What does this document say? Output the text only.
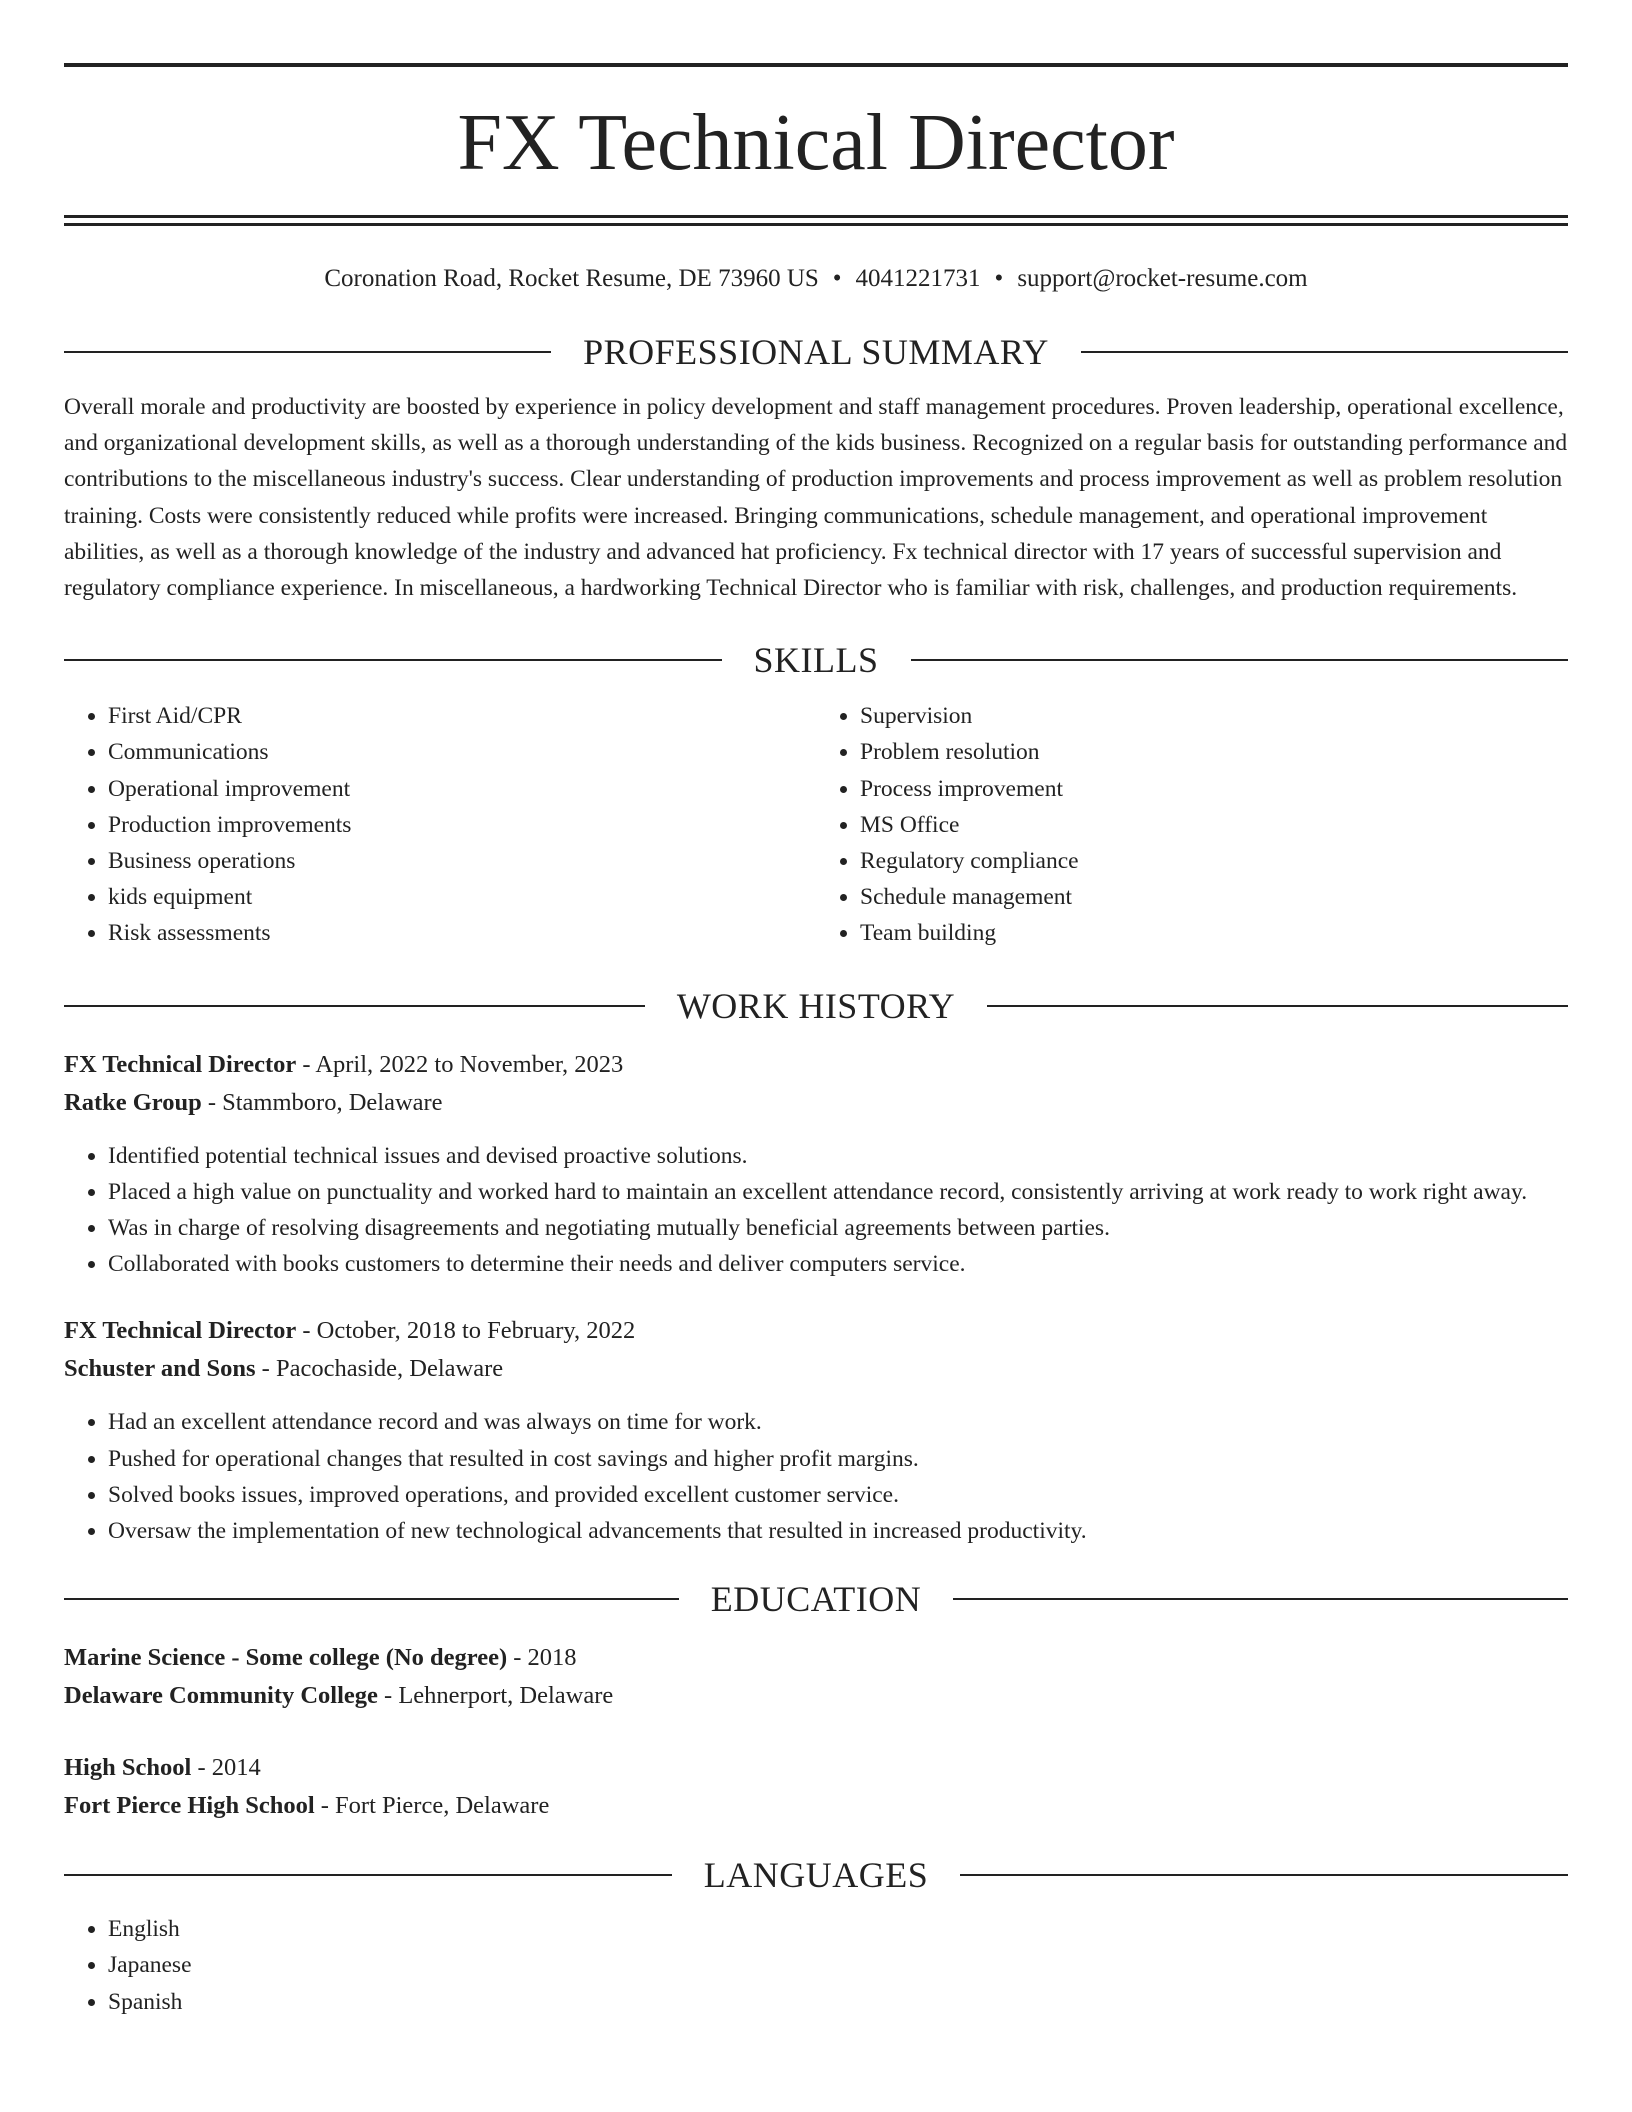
FX Technical Director
Coronation Road, Rocket Resume, DE 73960 US • 4041221731 • support@rocket-resume.com
PROFESSIONAL SUMMARY
Overall morale and productivity are boosted by experience in policy development and staff management procedures. Proven leadership, operational excellence, and organizational development skills, as well as a thorough understanding of the kids business. Recognized on a regular basis for outstanding performance and contributions to the miscellaneous industry's success. Clear understanding of production improvements and process improvement as well as problem resolution training. Costs were consistently reduced while profits were increased. Bringing communications, schedule management, and operational improvement abilities, as well as a thorough knowledge of the industry and advanced hat proficiency. Fx technical director with 17 years of successful supervision and regulatory compliance experience. In miscellaneous, a hardworking Technical Director who is familiar with risk, challenges, and production requirements.
SKILLS
• First Aid/CPR
• Communications
• Operational improvement
• Production improvements
• Business operations
• kids equipment
• Risk assessments
• Supervision
• Problem resolution
• Process improvement
• MS Office
• Regulatory compliance
• Schedule management
• Team building
WORK HISTORY
FX Technical Director - April, 2022 to November, 2023
Ratke Group - Stammboro, Delaware
• Identified potential technical issues and devised proactive solutions.
• Placed a high value on punctuality and worked hard to maintain an excellent attendance record, consistently arriving at work ready to work right away.
• Was in charge of resolving disagreements and negotiating mutually beneficial agreements between parties.
• Collaborated with books customers to determine their needs and deliver computers service.
FX Technical Director - October, 2018 to February, 2022
Schuster and Sons - Pacochaside, Delaware
• Had an excellent attendance record and was always on time for work.
• Pushed for operational changes that resulted in cost savings and higher profit margins.
• Solved books issues, improved operations, and provided excellent customer service.
• Oversaw the implementation of new technological advancements that resulted in increased productivity.
EDUCATION
Marine Science - Some college (No degree) - 2018
Delaware Community College - Lehnerport, Delaware
High School - 2014
Fort Pierce High School - Fort Pierce, Delaware
LANGUAGES
• English
• Japanese
• Spanish
